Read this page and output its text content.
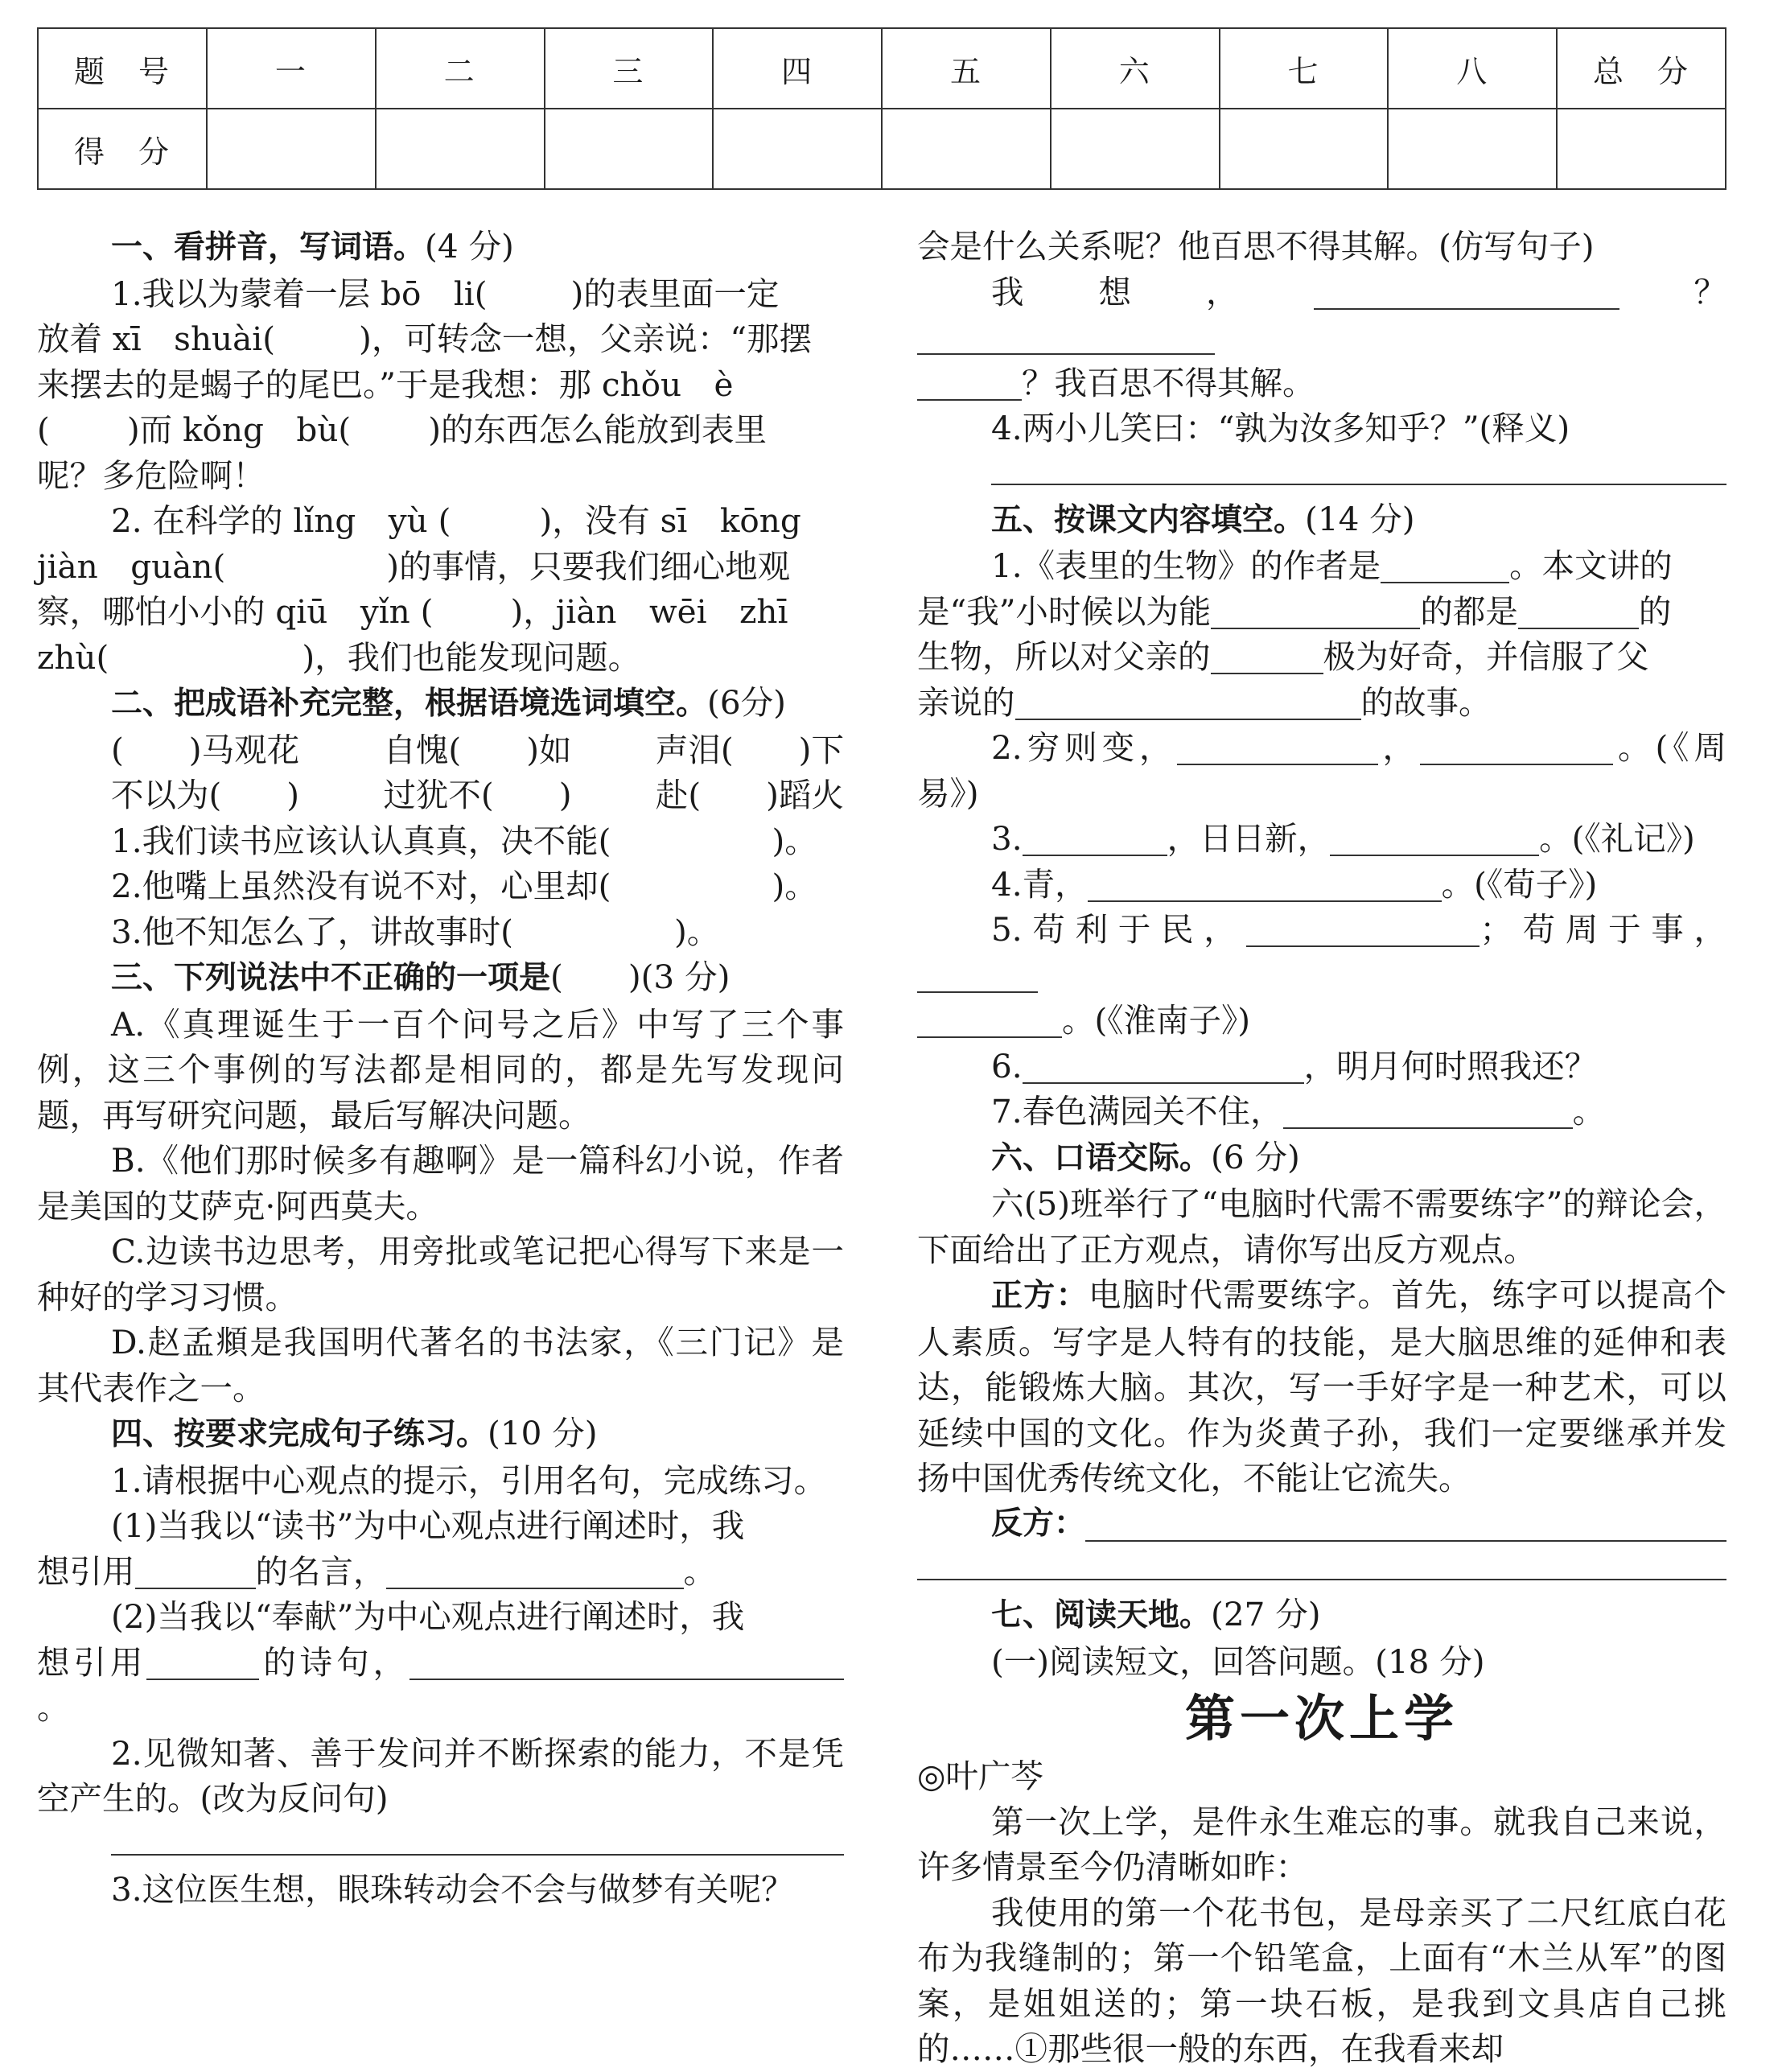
题　号	一	二	三	四	五	六	七	八	总　分
得　分									

一、看拼音，写词语。(4 分)

1.我以为蒙着一层 bō　li(	)的表里面一定

放着 xī　shuài(	)，可转念一想，父亲说：“那摆

来摆去的是蝎子的尾巴。”于是我想：那 chǒu　è

( )而 kǒng　bù( )的东西怎么能放到表里

呢？多危险啊！

2. 在科学的 lǐng　yù (	)，没有 sī　kōng

jiàn　guàn(	)的事情，只要我们细心地观

察，哪怕小小的 qiū　yǐn ( )，jiàn　wēi　zhī

zhù(	)，我们也能发现问题。

二、把成语补充完整，根据语境选词填空。(6分)

(　　)马观花	自愧(　　)如	声泪(　　)下
不以为(　　)	过犹不(　　)	赴(　　)蹈火

1.我们读书应该认认真真，决不能(	)。

2.他嘴上虽然没有说不对，心里却(	)。

3.他不知怎么了，讲故事时(	)。

三、下列说法中不正确的一项是(　　)(3 分)

A.《真理诞生于一百个问号之后》中写了三个事例，这三个事例的写法都是相同的，都是先写发现问题，再写研究问题，最后写解决问题。

B.《他们那时候多有趣啊》是一篇科幻小说，作者是美国的艾萨克·阿西莫夫。

C.边读书边思考，用旁批或笔记把心得写下来是一种好的学习习惯。

D.赵孟頫是我国明代著名的书法家，《三门记》是其代表作之一。

四、按要求完成句子练习。(10 分)

1.请根据中心观点的提示，引用名句，完成练习。

(1)当我以“读书”为中心观点进行阐述时，我

想引用	的名言，	。

(2)当我以“奉献”为中心观点进行阐述时，我

想引用	的诗句，。

2.见微知著、善于发问并不断探索的能力，不是凭空产生的。(改为反问句)

3.这位医生想，眼珠转动会不会与做梦有关呢？

会是什么关系呢？他百思不得其解。(仿写句子)

我想，	？　

？我百思不得其解。

4.两小儿笑曰：“孰为汝多知乎？”(释义)

五、按课文内容填空。(14 分)

1.《表里的生物》的作者是	。本文讲的

是“我”小时候以为能	的都是	的

生物，所以对父亲的	极为好奇，并信服了父

亲说的	的故事。

2.穷则变，	，	。(《周易》)

3.	，日日新，	。(《礼记》)

4.青，	。(《荀子》)

5.苟利于民，	；苟周于事，

。(《淮南子》)

6.	，明月何时照我还？

7.春色满园关不住，	。

六、口语交际。(6 分)

六(5)班举行了“电脑时代需不需要练字”的辩论会，下面给出了正方观点，请你写出反方观点。

正方：电脑时代需要练字。首先，练字可以提高个人素质。写字是人特有的技能，是大脑思维的延伸和表达，能锻炼大脑。其次，写一手好字是一种艺术，可以延续中国的文化。作为炎黄子孙，我们一定要继承并发扬中国优秀传统文化，不能让它流失。

反方：

七、阅读天地。(27 分)

(一)阅读短文，回答问题。(18 分)

第一次上学

◎叶广芩

第一次上学，是件永生难忘的事。就我自己来说，许多情景至今仍清晰如昨：

我使用的第一个花书包，是母亲买了二尺红底白花布为我缝制的；第一个铅笔盒，上面有“木兰从军”的图案，是姐姐送的；第一块石板，是我到文具店自己挑的……①那些很一般的东西，在我看来却
